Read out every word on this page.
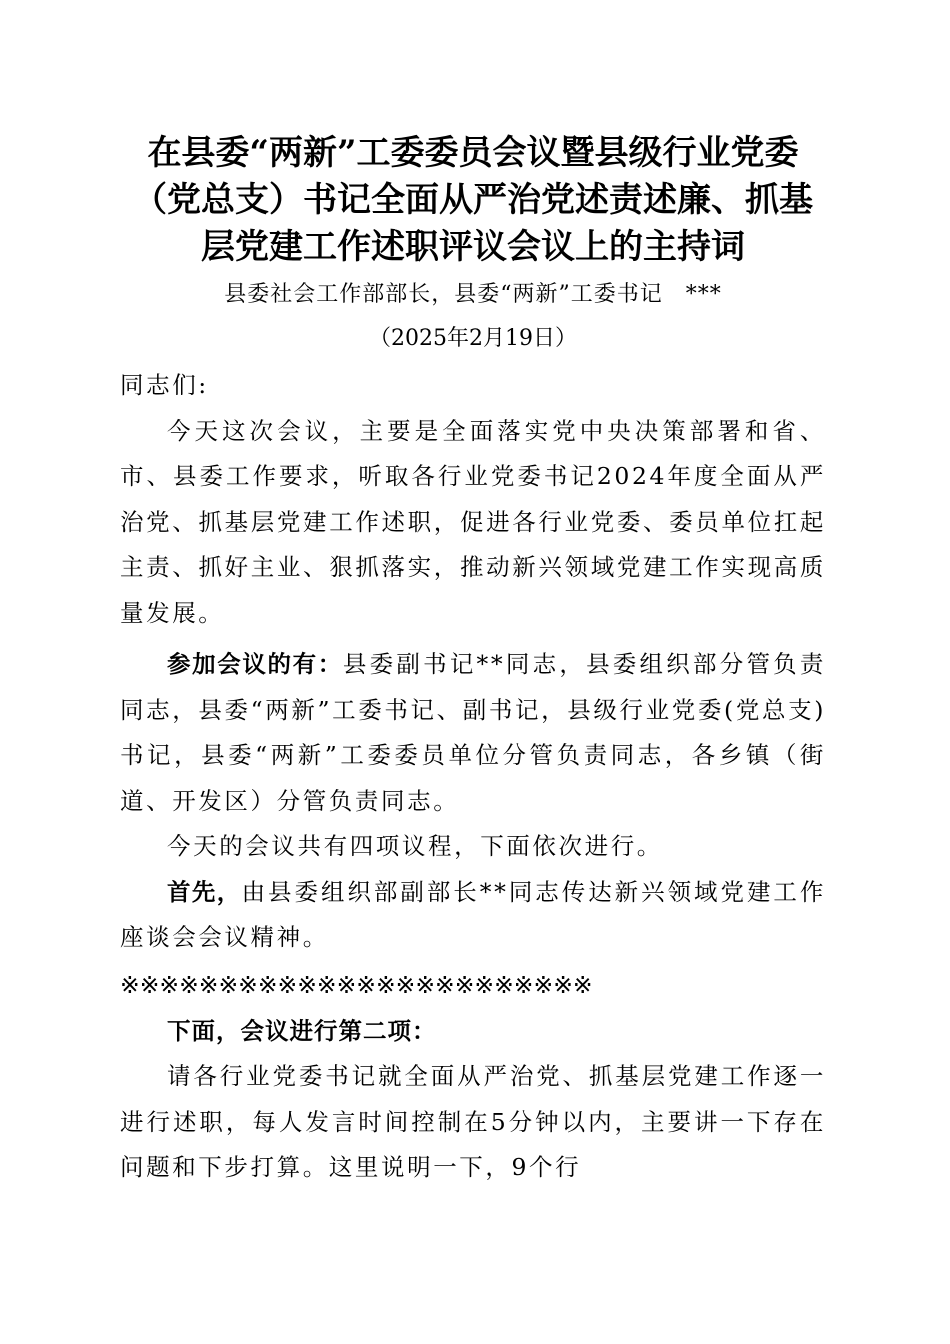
在县委“两新”工委委员会议暨县级行业党委（党总支）书记全面从严治党述责述廉、抓基层党建工作述职评议会议上的主持词

县委社会工作部部长，县委“两新”工委书记　***

（2025年2月19日）

同志们:

今天这次会议，主要是全面落实党中央决策部署和省、市、县委工作要求，听取各行业党委书记2024年度全面从严治党、抓基层党建工作述职，促进各行业党委、委员单位扛起主责、抓好主业、狠抓落实，推动新兴领域党建工作实现高质量发展。

参加会议的有：县委副书记**同志，县委组织部分管负责同志，县委“两新”工委书记、副书记，县级行业党委(党总支)书记，县委“两新”工委委员单位分管负责同志，各乡镇（街道、开发区）分管负责同志。

今天的会议共有四项议程，下面依次进行。

首先，由县委组织部副部长**同志传达新兴领域党建工作座谈会会议精神。

※※※※※※※※※※※※※※※※※※※※※※※※

下面，会议进行第二项：

请各行业党委书记就全面从严治党、抓基层党建工作逐一进行述职，每人发言时间控制在5分钟以内，主要讲一下存在问题和下步打算。这里说明一下，9个行
